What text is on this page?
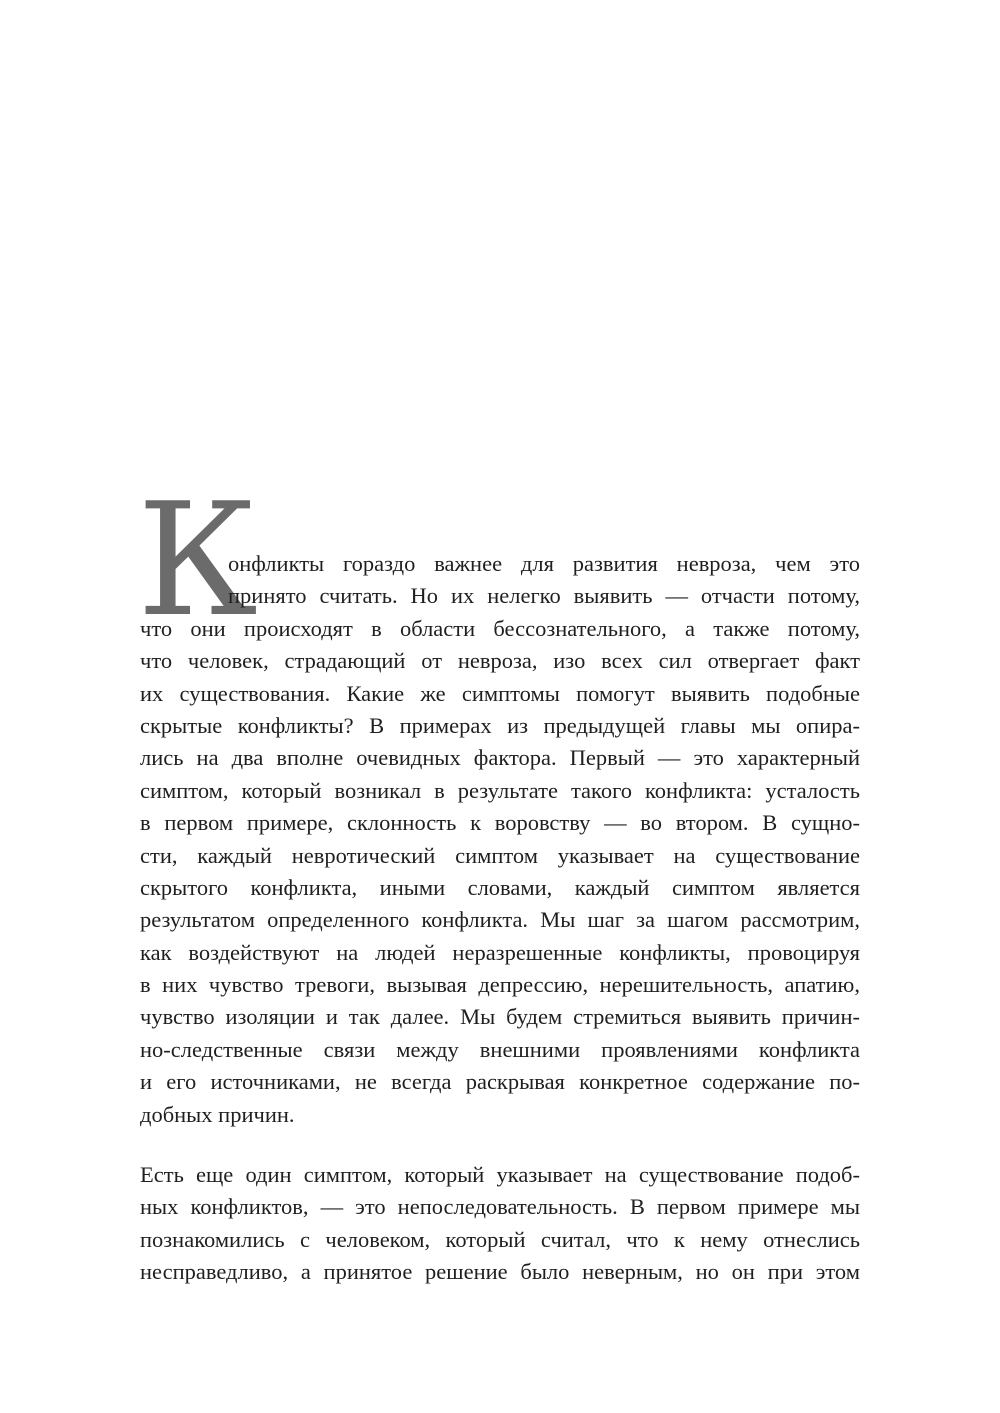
К
онфликты гораздо важнее для развития невроза, чем это
принято считать. Но их нелегко выявить — отчасти потому,
что они происходят в области бессознательного, а также потому,
что человек, страдающий от невроза, изо всех сил отвергает факт
их существования. Какие же симптомы помогут выявить подобные
скрытые конфликты? В примерах из предыдущей главы мы опира-
лись на два вполне очевидных фактора. Первый — это характерный
симптом, который возникал в результате такого конфликта: усталость
в первом примере, склонность к воровству — во втором. В сущно-
сти, каждый невротический симптом указывает на существование
скрытого конфликта, иными словами, каждый симптом является
результатом определенного конфликта. Мы шаг за шагом рассмотрим,
как воздействуют на людей неразрешенные конфликты, провоцируя
в них чувство тревоги, вызывая депрессию, нерешительность, апатию,
чувство изоляции и так далее. Мы будем стремиться выявить причин-
но-следственные связи между внешними проявлениями конфликта
и его источниками, не всегда раскрывая конкретное содержание по-
добных причин.
Есть еще один симптом, который указывает на существование подоб-
ных конфликтов, — это непоследовательность. В первом примере мы
познакомились с человеком, который считал, что к нему отнеслись
несправедливо, а принятое решение было неверным, но он при этом
